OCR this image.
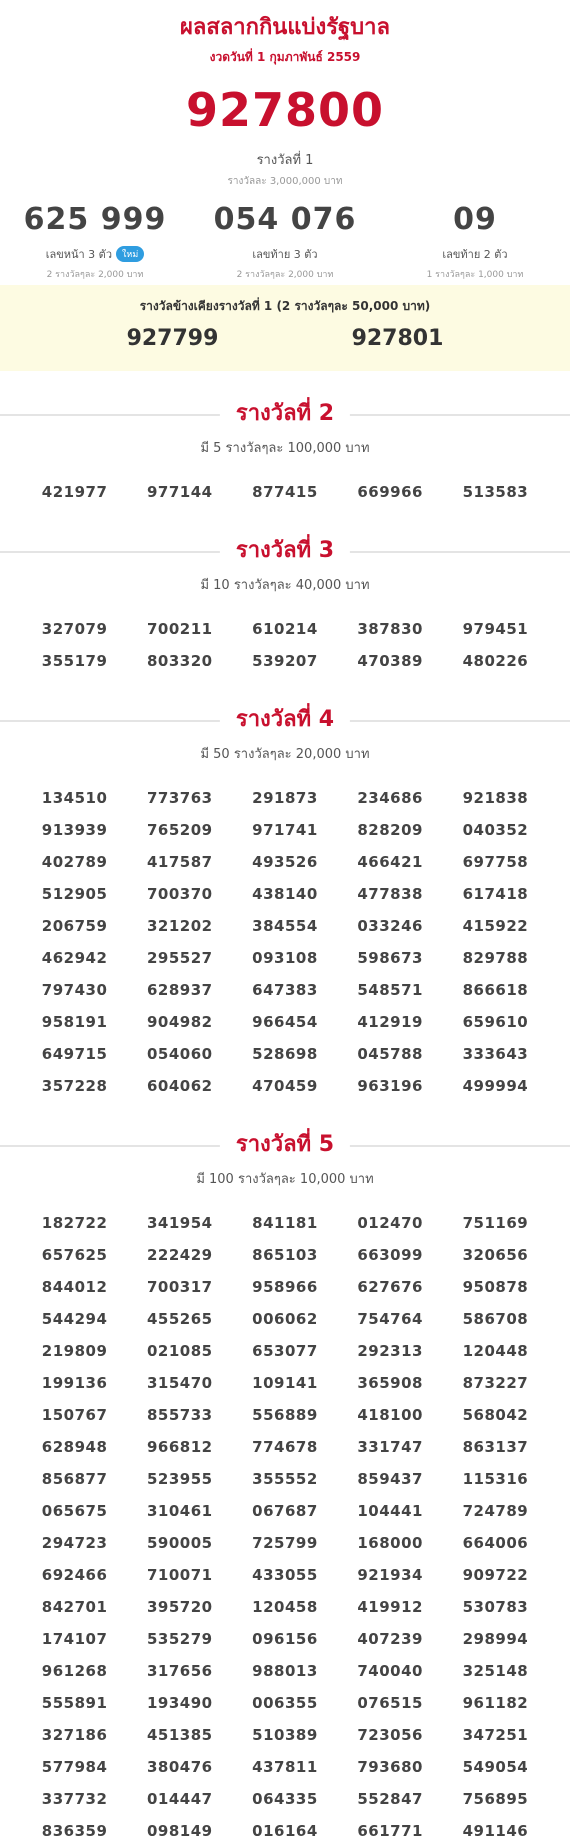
ผลสลากกินแบ่งรัฐบาล
งวดวันที่ 1 กุมภาพันธ์ 2559
927800
รางวัลที่ 1
รางวัลละ 3,000,000 บาท
625 999
เลขหน้า 3 ตัว ใหม่
2 รางวัลๆละ 2,000 บาท
054 076
เลขท้าย 3 ตัว
2 รางวัลๆละ 2,000 บาท
09
เลขท้าย 2 ตัว
1 รางวัลๆละ 1,000 บาท
รางวัลข้างเคียงรางวัลที่ 1 (2 รางวัลๆละ 50,000 บาท)
927799	927801
รางวัลที่ 2
มี 5 รางวัลๆละ 100,000 บาท
421977	977144	877415	669966	513583
รางวัลที่ 3
มี 10 รางวัลๆละ 40,000 บาท
327079	700211	610214	387830	979451
355179	803320	539207	470389	480226
รางวัลที่ 4
มี 50 รางวัลๆละ 20,000 บาท
134510	773763	291873	234686	921838
913939	765209	971741	828209	040352
402789	417587	493526	466421	697758
512905	700370	438140	477838	617418
206759	321202	384554	033246	415922
462942	295527	093108	598673	829788
797430	628937	647383	548571	866618
958191	904982	966454	412919	659610
649715	054060	528698	045788	333643
357228	604062	470459	963196	499994
รางวัลที่ 5
มี 100 รางวัลๆละ 10,000 บาท
182722	341954	841181	012470	751169
657625	222429	865103	663099	320656
844012	700317	958966	627676	950878
544294	455265	006062	754764	586708
219809	021085	653077	292313	120448
199136	315470	109141	365908	873227
150767	855733	556889	418100	568042
628948	966812	774678	331747	863137
856877	523955	355552	859437	115316
065675	310461	067687	104441	724789
294723	590005	725799	168000	664006
692466	710071	433055	921934	909722
842701	395720	120458	419912	530783
174107	535279	096156	407239	298994
961268	317656	988013	740040	325148
555891	193490	006355	076515	961182
327186	451385	510389	723056	347251
577984	380476	437811	793680	549054
337732	014447	064335	552847	756895
836359	098149	016164	661771	491146
